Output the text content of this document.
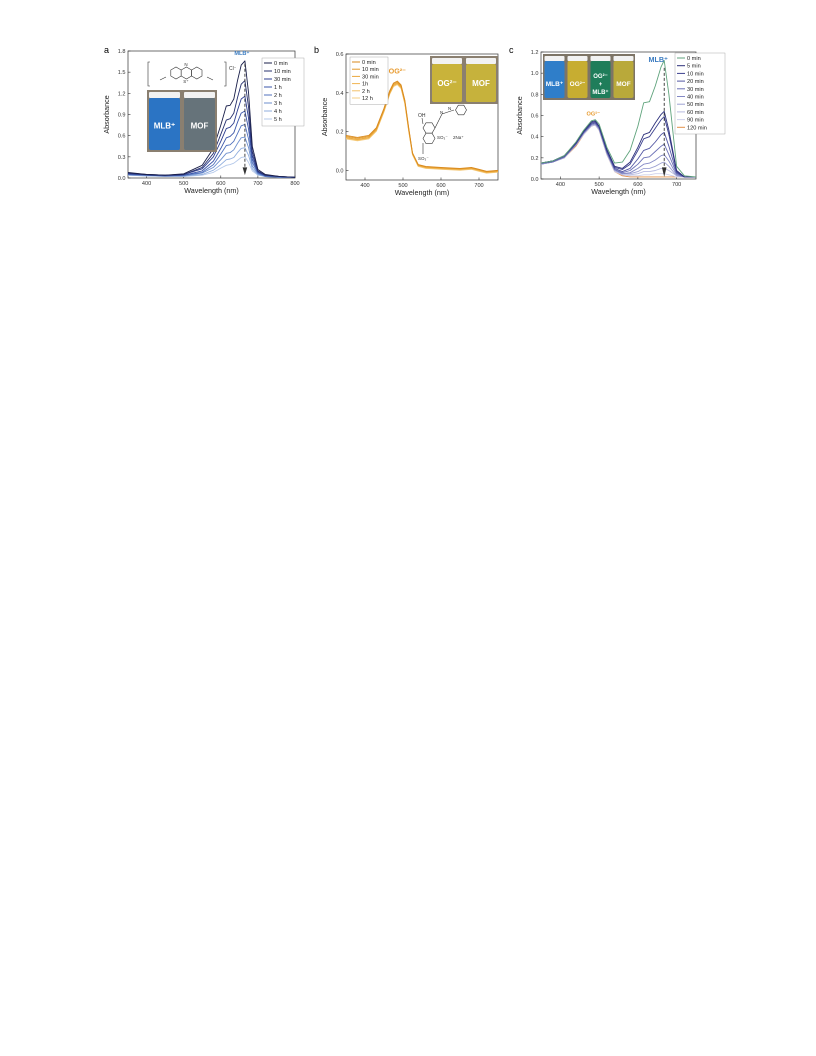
a
400	500	600	700	800
0.0
0.3
0.6
0.9
1.2
1.5
1.8
Wavelength (nm)
Absorbance
0 min
10 min
30 min
1 h
2 h
3 h
4 h
5 h
MLB⁺
N
S⁺
Cl⁻
MLB⁺ MOF
b
400	500	600	700
0.0
0.2
0.4
0.6
Wavelength (nm)
Absorbance
0 min
10 min
30 min
1h
2 h
12 h
OG²⁻
OH
N
N
SO₃⁻ 2Na⁺
SO₃⁻
OG²⁻ MOF
c
400	500	600	700
0.0
0.2
0.4
0.6
0.8
1.0
1.2
Wavelength (nm)
Absorbance
0 min
5 min
10 min
20 min
30 min
40 min
50 min
60 min
90 min
120 min
MLB⁺
OG²⁻
MLB⁺ OG²⁻
OG²⁻
+
MLB⁺
MOF
